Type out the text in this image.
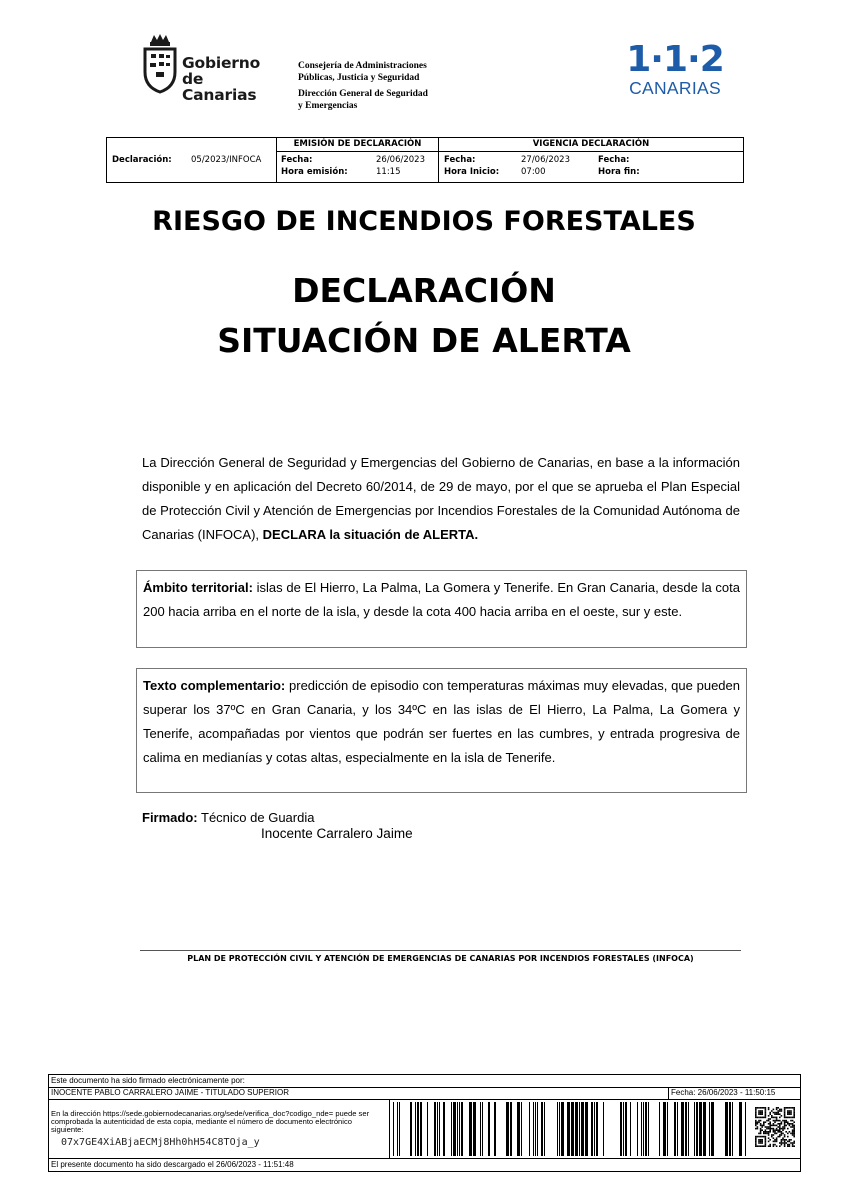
Gobierno
de Canarias
Consejería de Administraciones
Públicas, Justicia y Seguridad
Dirección General de Seguridad
y Emergencias
1·1·2
CANARIAS
EMISIÓN DE DECLARACIÓN	VIGENCIA DECLARACIÓN
Declaración: 05/2023/INFOCA Fecha:	26/06/2023
Hora emisión:	11:15
Fecha:	27/06/2023
Hora Inicio:	07:00
Fecha:
Hora fin:
RIESGO DE INCENDIOS FORESTALES
DECLARACIÓN
SITUACIÓN DE ALERTA
La Dirección General de Seguridad y Emergencias del Gobierno de Canarias, en base a la información disponible y en aplicación del Decreto 60/2014, de 29 de mayo, por el que se aprueba el Plan Especial de Protección Civil y Atención de Emergencias por Incendios Forestales de la Comunidad Autónoma de Canarias (INFOCA), DECLARA la situación de ALERTA.
Ámbito territorial: islas de El Hierro, La Palma, La Gomera y Tenerife. En Gran Canaria, desde la cota 200 hacia arriba en el norte de la isla, y desde la cota 400 hacia arriba en el oeste, sur y este.
Texto complementario: predicción de episodio con temperaturas máximas muy elevadas, que pueden superar los 37ºC en Gran Canaria, y los 34ºC en las islas de El Hierro, La Palma, La Gomera y Tenerife, acompañadas por vientos que podrán ser fuertes en las cumbres, y entrada progresiva de calima en medianías y cotas altas, especialmente en la isla de Tenerife.
Firmado: Técnico de Guardia
Inocente Carralero Jaime
PLAN DE PROTECCIÓN CIVIL Y ATENCIÓN DE EMERGENCIAS DE CANARIAS POR INCENDIOS FORESTALES (INFOCA)
Este documento ha sido firmado electrónicamente por:
INOCENTE PABLO CARRALERO JAIME - TITULADO SUPERIOR	Fecha: 26/06/2023 - 11:50:15
En la dirección https://sede.gobiernodecanarias.org/sede/verifica_doc?codigo_nde= puede ser comprobada la autenticidad de esta copia, mediante el número de documento electrónico siguiente:
07x7GE4XiABjaECMj8Hh0hH54C8TOja_y
El presente documento ha sido descargado el 26/06/2023 - 11:51:48
